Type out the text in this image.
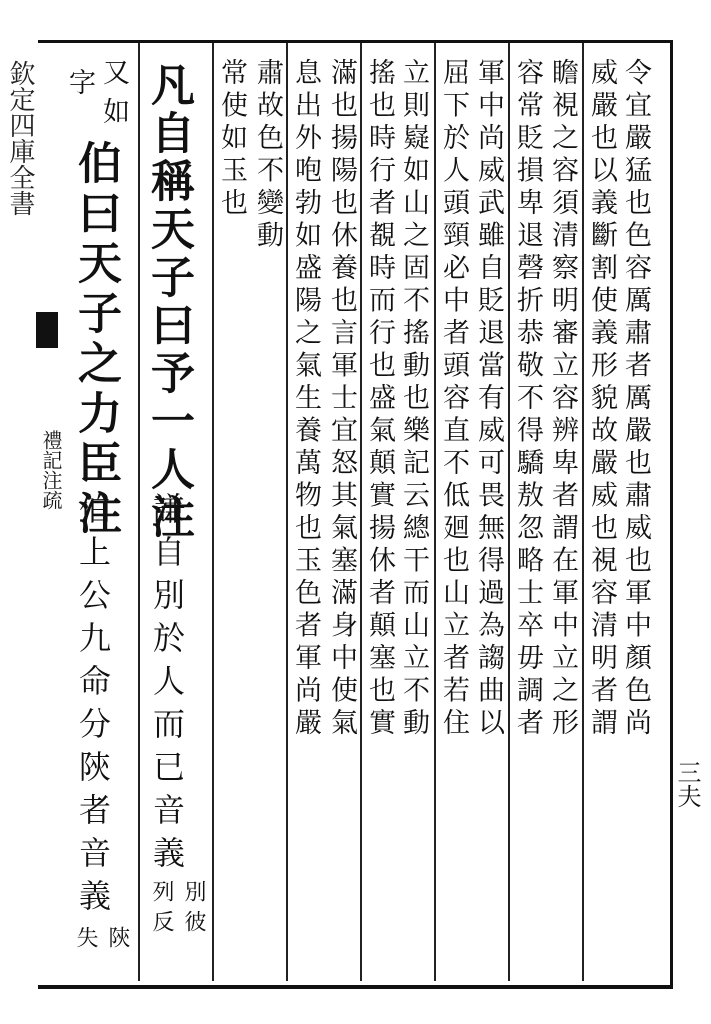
欽定四庫全書
禮記注疏
三夫
令宜嚴猛也色容厲肅者厲嚴也肅威也軍中顏色尚
威嚴也以義斷割使義形貌故嚴威也視容清明者謂
瞻視之容須清察明審立容辨卑者謂在軍中立之形
容常貶損卑退磬折恭敬不得驕敖忽略士卒毋調者
軍中尚威武雖自貶退當有威可畏無得過為謅曲以
屈下於人頭頸必中者頭容直不低廻也山立者若住
立則嶷如山之固不搖動也樂記云總干而山立不動
搖也時行者覩時而行也盛氣顛實揚休者顛塞也實
滿也揚陽也休養也言軍士宜怒其氣塞滿身中使氣
息出外咆勃如盛陽之氣生養萬物也玉色者軍尚嚴
肅故色不變動
常使如玉也
凡自稱天子曰予一人注
謙自別於人而已音義
別彼
列反
又如
字
伯曰天子之力臣注
伯上公九命分陝者音義
陝
失
